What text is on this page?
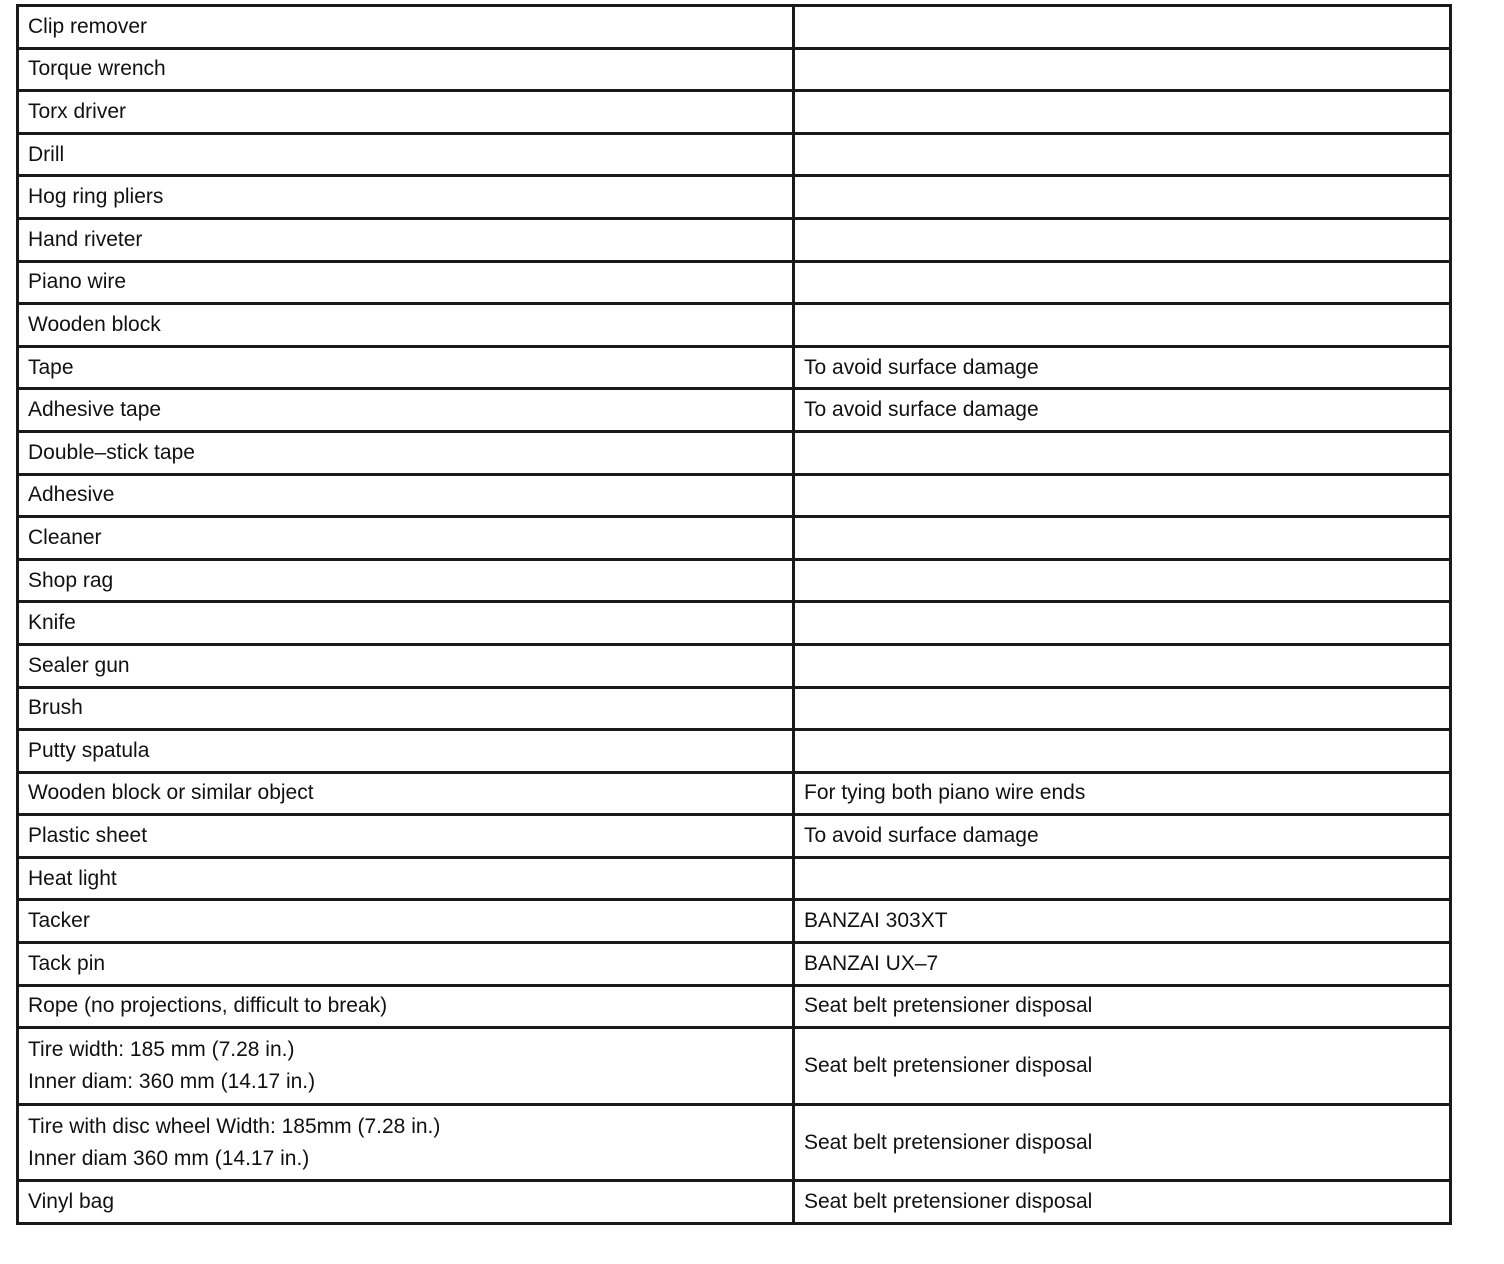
Clip remover	

Torque wrench	

Torx driver	

Drill	

Hog ring pliers	

Hand riveter	

Piano wire	

Wooden block	

Tape	To avoid surface damage

Adhesive tape	To avoid surface damage

Double–stick tape	

Adhesive	

Cleaner	

Shop rag	

Knife	

Sealer gun	

Brush	

Putty spatula	

Wooden block or similar object	For tying both piano wire ends

Plastic sheet	To avoid surface damage

Heat light	

Tacker	BANZAI 303XT

Tack pin	BANZAI UX–7

Rope (no projections, difficult to break)	Seat belt pretensioner disposal

Tire width: 185 mm (7.28 in.)
Inner diam: 360 mm (14.17 in.)	Seat belt pretensioner disposal

Tire with disc wheel Width: 185mm (7.28 in.)
Inner diam 360 mm (14.17 in.)	Seat belt pretensioner disposal

Vinyl bag	Seat belt pretensioner disposal
